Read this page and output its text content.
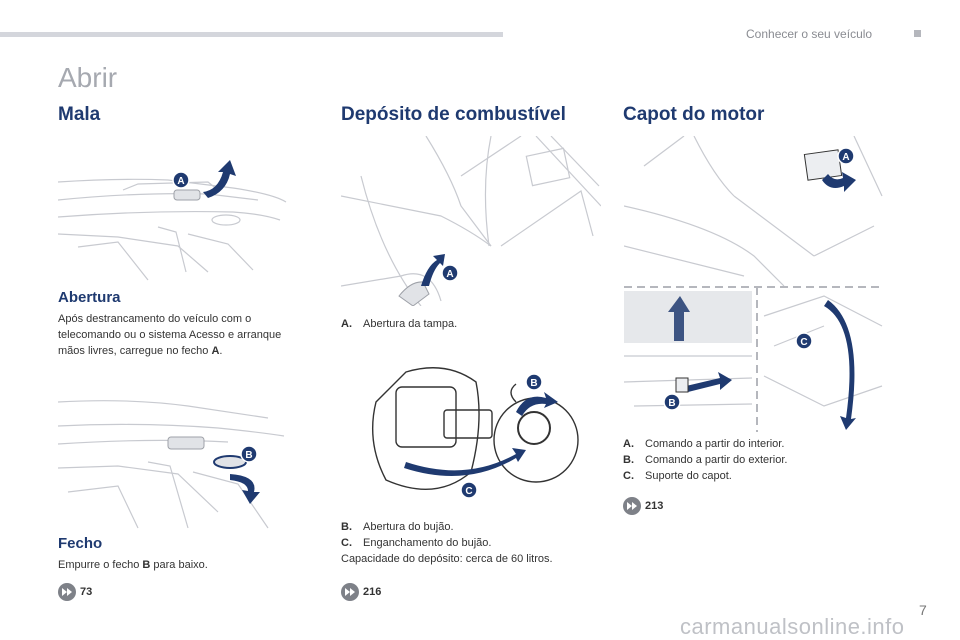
Conhecer o seu veículo
Abrir
Mala
A
Abertura
Após destrancamento do veículo com o
telecomando ou o sistema Acesso e arranque
mãos livres, carregue no fecho A.
B
Fecho
Empurre o fecho B para baixo.
73
Depósito de combustível
A
A.	Abertura da tampa.
B
C
B.	Abertura do bujão.
C.	Enganchamento do bujão.
Capacidade do depósito: cerca de 60 litros.
216
Capot do motor
A
B
C
A.	Comando a partir do interior.
B.	Comando a partir do exterior.
C.	Suporte do capot.
213
7
carmanualsonline.info
